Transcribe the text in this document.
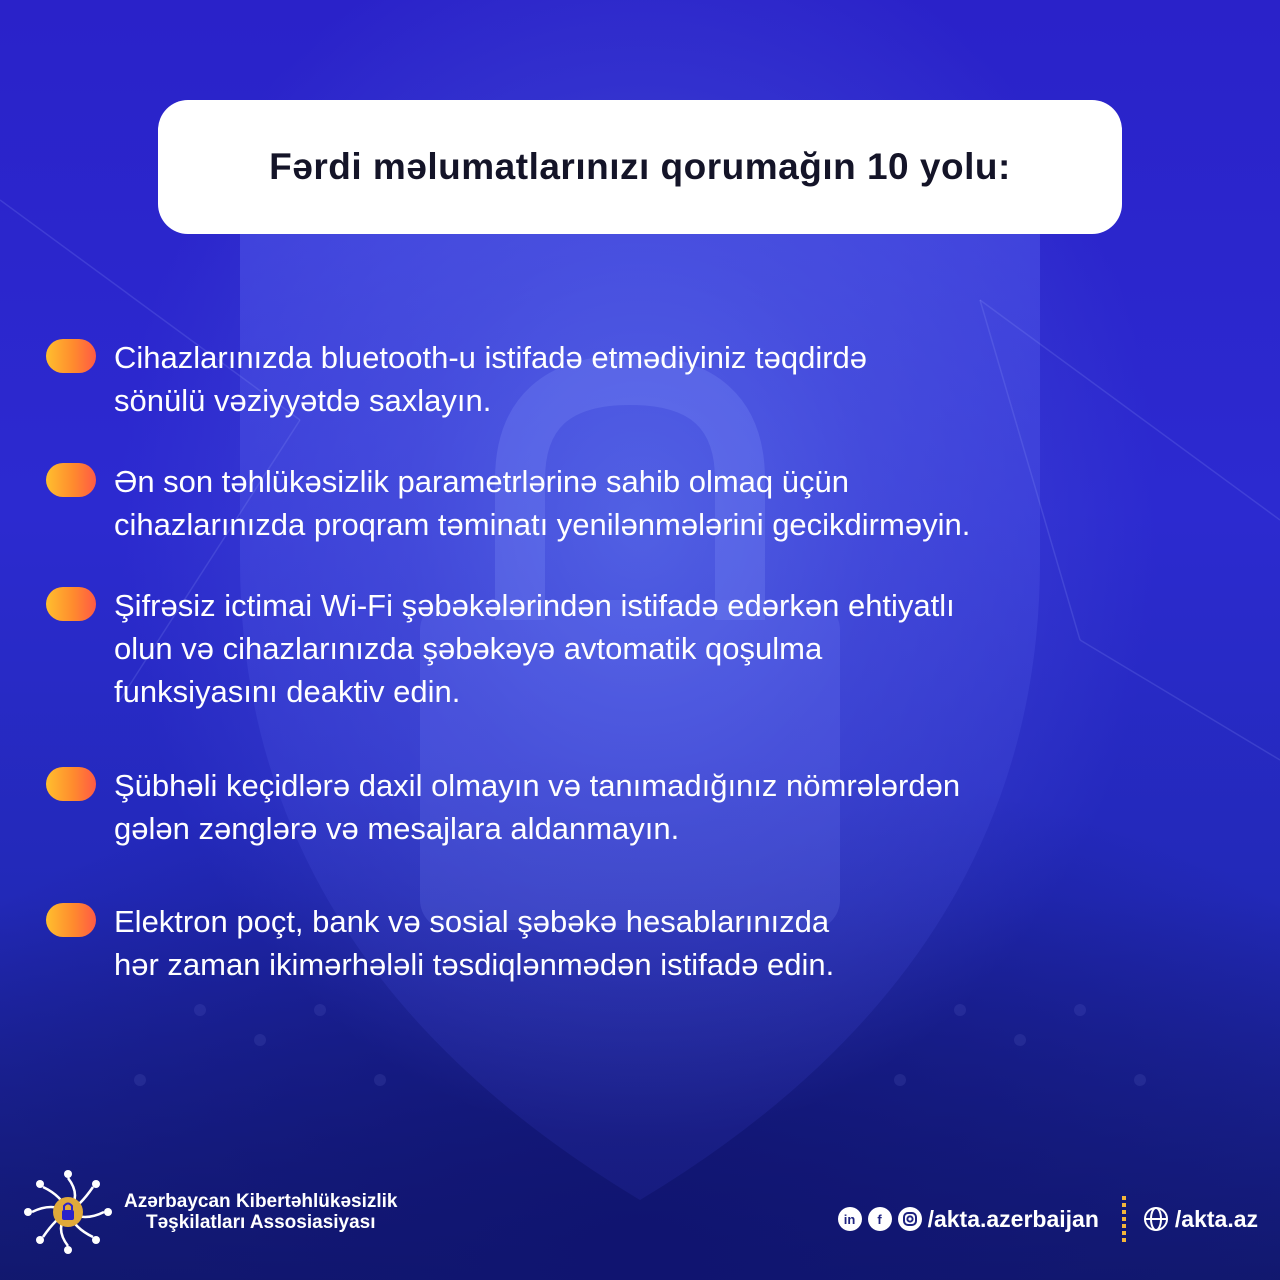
Fərdi məlumatlarınızı qorumağın 10 yolu:
Cihazlarınızda bluetooth-u istifadə etmədiyiniz təqdirdə
sönülü vəziyyətdə saxlayın.
Ən son təhlükəsizlik parametrlərinə sahib olmaq üçün
cihazlarınızda proqram təminatı yenilənmələrini gecikdirməyin.
Şifrəsiz ictimai Wi-Fi şəbəkələrindən istifadə edərkən ehtiyatlı
olun və cihazlarınızda şəbəkəyə avtomatik qoşulma
funksiyasını deaktiv edin.
Şübhəli keçidlərə daxil olmayın və tanımadığınız nömrələrdən
gələn zənglərə və mesajlara aldanmayın.
Elektron poçt, bank və sosial şəbəkə hesablarınızda
hər zaman ikimərhələli təsdiqlənmədən istifadə edin.
Azərbaycan Kibertəhlükəsizlik
Təşkilatları Assosiasiyası	in	f	/akta.azerbaijan	/akta.az
